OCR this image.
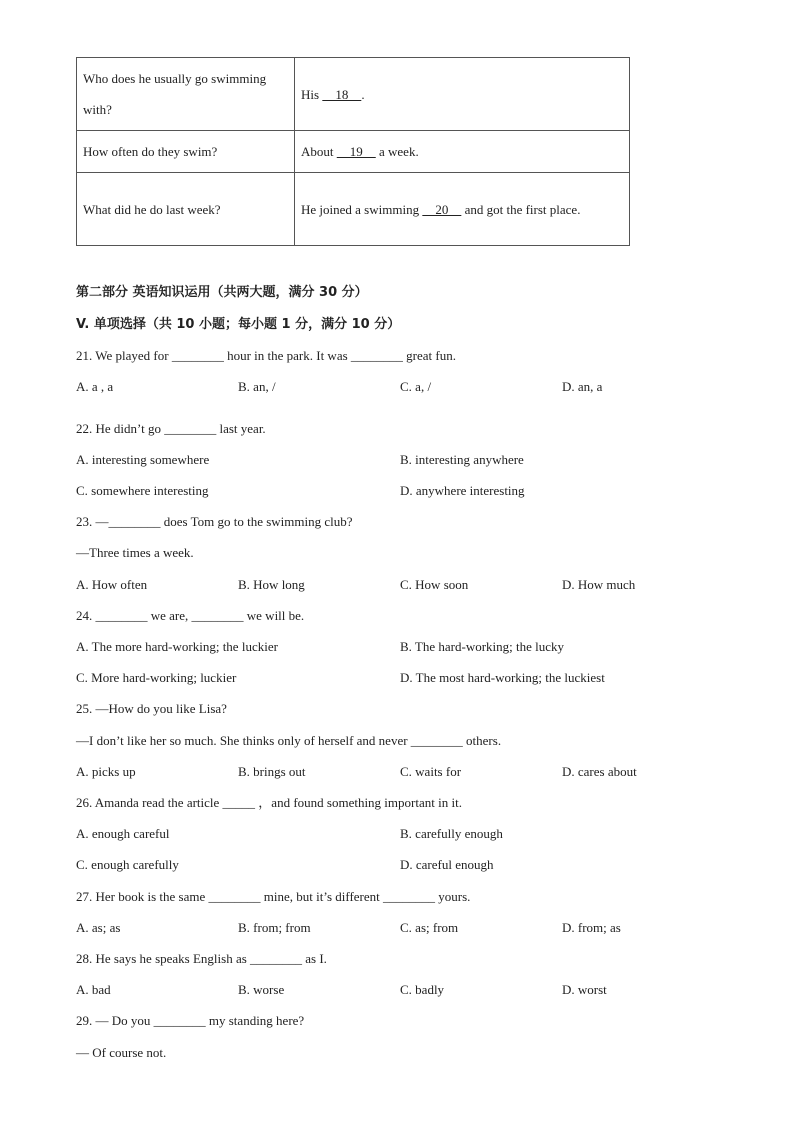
Who does he usually go swimming with?	His     18    .
How often do they swim?	About     19     a week.
What did he do last week?	He joined a swimming     20     and got the first place.
第二部分 英语知识运用（共两大题，满分 30 分）
V. 单项选择（共 10 小题；每小题 1 分，满分 10 分）
21. We played for ________ hour in the park. It was ________ great fun.
A. a , a	B. an, /	C. a, /	D. an, a
22. He didn’t go ________ last year.
A. interesting somewhere	B. interesting anywhere
C. somewhere interesting	D. anywhere interesting
23. —________ does Tom go to the swimming club?
—Three times a week.
A. How often	B. How long	C. How soon	D. How much
24. ________ we are, ________ we will be.
A. The more hard-working; the luckier	B. The hard-working; the lucky
C. More hard-working; luckier	D. The most hard-working; the luckiest
25. —How do you like Lisa?
—I don’t like her so much. She thinks only of herself and never ________ others.
A. picks up	B. brings out	C. waits for	D. cares about
26. Amanda read the article _____ ，and found something important in it.
A. enough careful	B. carefully enough
C. enough carefully	D. careful enough
27. Her book is the same ________ mine, but it’s different ________ yours.
A. as; as	B. from; from	C. as; from	D. from; as
28. He says he speaks English as ________ as I.
A. bad	B. worse	C. badly	D. worst
29. — Do you ________ my standing here?
— Of course not.
